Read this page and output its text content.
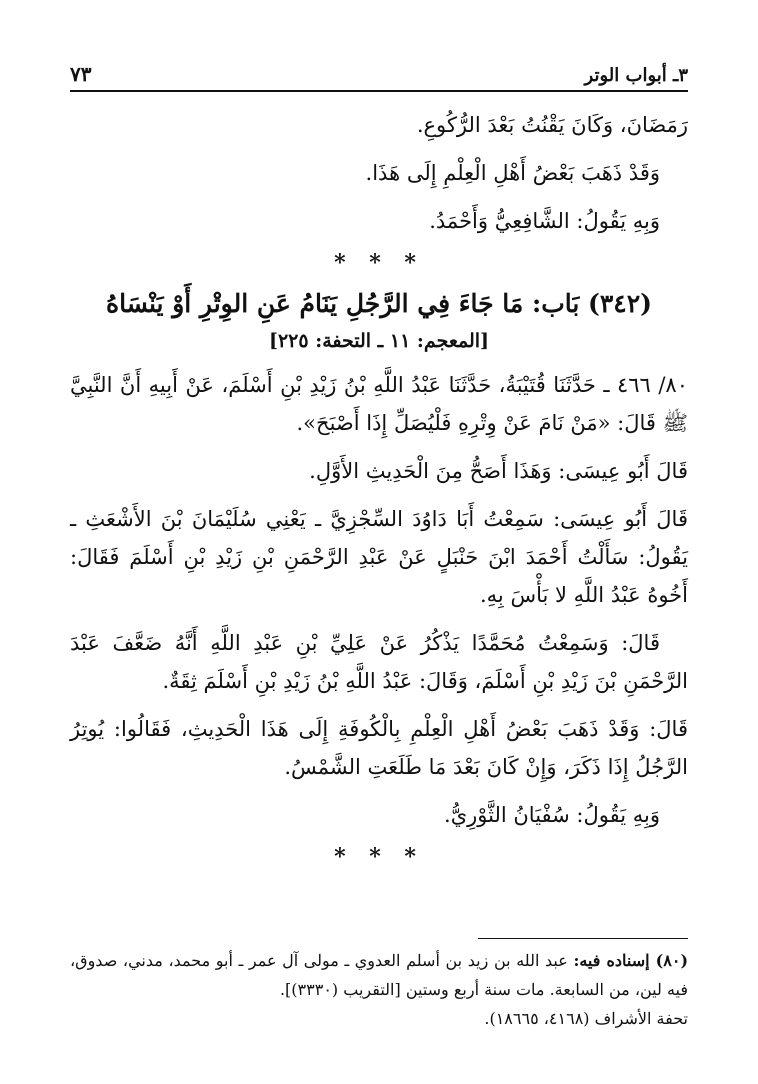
٣ـ أبواب الوتر
٧٣

رَمَضَانَ، وَكَانَ يَقْنُتُ بَعْدَ الرُّكُوعِ.

وَقَدْ ذَهَبَ بَعْضُ أَهْلِ الْعِلْمِ إِلَى هَذَا.

وَبِهِ يَقُولُ: الشَّافِعِيُّ وَأَحْمَدُ.

* * *
(٣٤٢) بَاب: مَا جَاءَ فِي الرَّجُلِ يَنَامُ عَنِ الوِتْرِ أَوْ يَنْسَاهُ
[المعجم: ١١ ـ التحفة: ٢٢٥]

٨٠/ ٤٦٦ ـ حَدَّثَنَا قُتَيْبَةُ، حَدَّثَنَا عَبْدُ اللَّهِ بْنُ زَيْدِ بْنِ أَسْلَمَ، عَنْ أَبِيهِ أَنَّ النَّبِيَّ ﷺ قَالَ: «مَنْ نَامَ عَنْ وِتْرِهِ فَلْيُصَلِّ إِذَا أَصْبَحَ».

قَالَ أَبُو عِيسَى: وَهَذَا أَصَحُّ مِنَ الْحَدِيثِ الأَوَّلِ.

قَالَ أَبُو عِيسَى: سَمِعْتُ أَبَا دَاوُدَ السِّجْزِيَّ ـ يَعْنِي سُلَيْمَانَ بْنَ الأَشْعَثِ ـ يَقُولُ: سَأَلْتُ أَحْمَدَ ابْنَ حَنْبَلٍ عَنْ عَبْدِ الرَّحْمَنِ بْنِ زَيْدِ بْنِ أَسْلَمَ فَقَالَ: أَخُوهُ عَبْدُ اللَّهِ لا بَأْسَ بِهِ.

قَالَ: وَسَمِعْتُ مُحَمَّدًا يَذْكُرُ عَنْ عَلِيِّ بْنِ عَبْدِ اللَّهِ أَنَّهُ ضَعَّفَ عَبْدَ الرَّحْمَنِ بْنَ زَيْدِ بْنِ أَسْلَمَ، وَقَالَ: عَبْدُ اللَّهِ بْنُ زَيْدِ بْنِ أَسْلَمَ ثِقَةٌ.

قَالَ: وَقَدْ ذَهَبَ بَعْضُ أَهْلِ الْعِلْمِ بِالْكُوفَةِ إِلَى هَذَا الْحَدِيثِ، فَقَالُوا: يُوتِرُ الرَّجُلُ إِذَا ذَكَرَ، وَإِنْ كَانَ بَعْدَ مَا طَلَعَتِ الشَّمْسُ.

وَبِهِ يَقُولُ: سُفْيَانُ الثَّوْرِيُّ.

* * *

(٨٠) إسناده فيه: عبد الله بن زيد بن أسلم العدوي ـ مولى آل عمر ـ أبو محمد، مدني، صدوق، فيه لين، من السابعة. مات سنة أربع وستين [التقريب (٣٣٣٠)].

تحفة الأشراف (٤١٦٨، ١٨٦٦٥).
